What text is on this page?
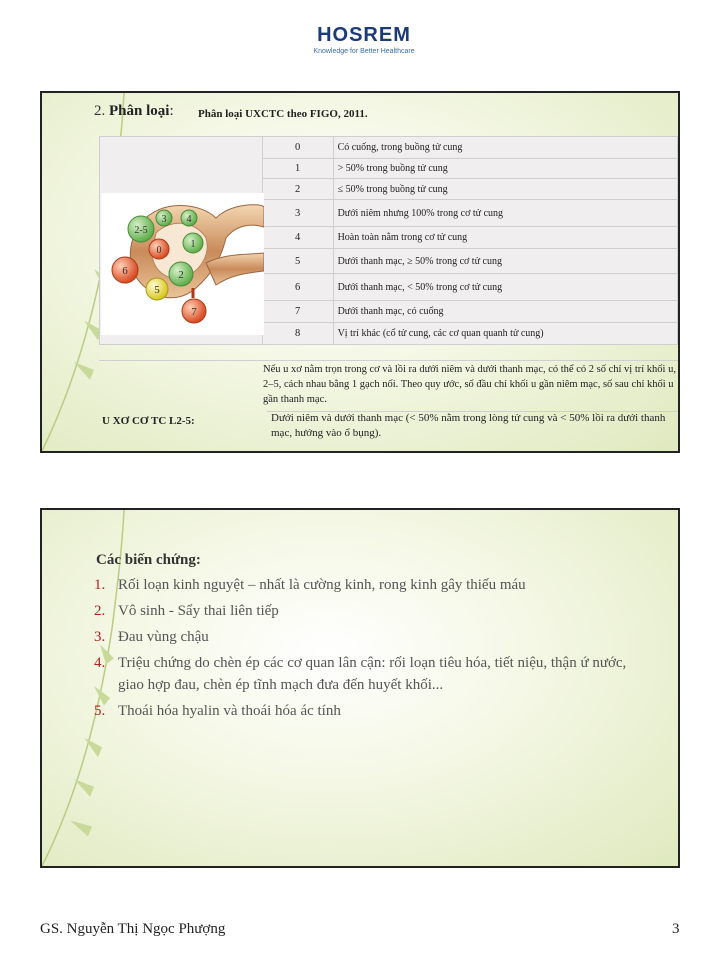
HOSREM
Knowledge for Better Healthcare
2. Phân loại: Phân loại UXCTC theo FIGO, 2011.
	0	Có cuống, trong buồng tử cung
	1	> 50% trong buồng tử cung
	2	≤ 50% trong buồng tử cung
	3	Dưới niêm nhưng 100% trong cơ tử cung
	4	Hoàn toàn nằm trong cơ tử cung
	5	Dưới thanh mạc, ≥ 50% trong cơ tử cung
	6	Dưới thanh mạc, < 50% trong cơ tử cung
	7	Dưới thanh mạc, có cuống
	8	Vị trí khác (cổ tử cung, các cơ quan quanh tử cung)
2-5
3 4
0
1
6	2
5
7
Nếu u xơ nằm trọn trong cơ và lồi ra dưới niêm và dưới thanh mạc, có thể có 2 số chỉ vị trí khối u, 2–5, cách nhau bằng 1 gạch nối. Theo quy ước, số đầu chỉ khối u gần niêm mạc, số sau chỉ khối u gần thanh mạc.
U XƠ CƠ TC L2-5:	Dưới niêm và dưới thanh mạc (< 50% nằm trong lòng tử cung và < 50% lồi ra dưới thanh mạc, hướng vào ổ bụng).
Các biến chứng:
1. Rối loạn kinh nguyệt – nhất là cường kinh, rong kinh gây thiếu máu
2. Vô sinh - Sẩy thai liên tiếp
3. Đau vùng chậu
4. Triệu chứng do chèn ép các cơ quan lân cận: rối loạn tiêu hóa, tiết niệu, thận ứ nước, giao hợp đau, chèn ép tĩnh mạch đưa đến huyết khối...
5. Thoái hóa hyalin và thoái hóa ác tính
GS. Nguyễn Thị Ngọc Phượng	3
